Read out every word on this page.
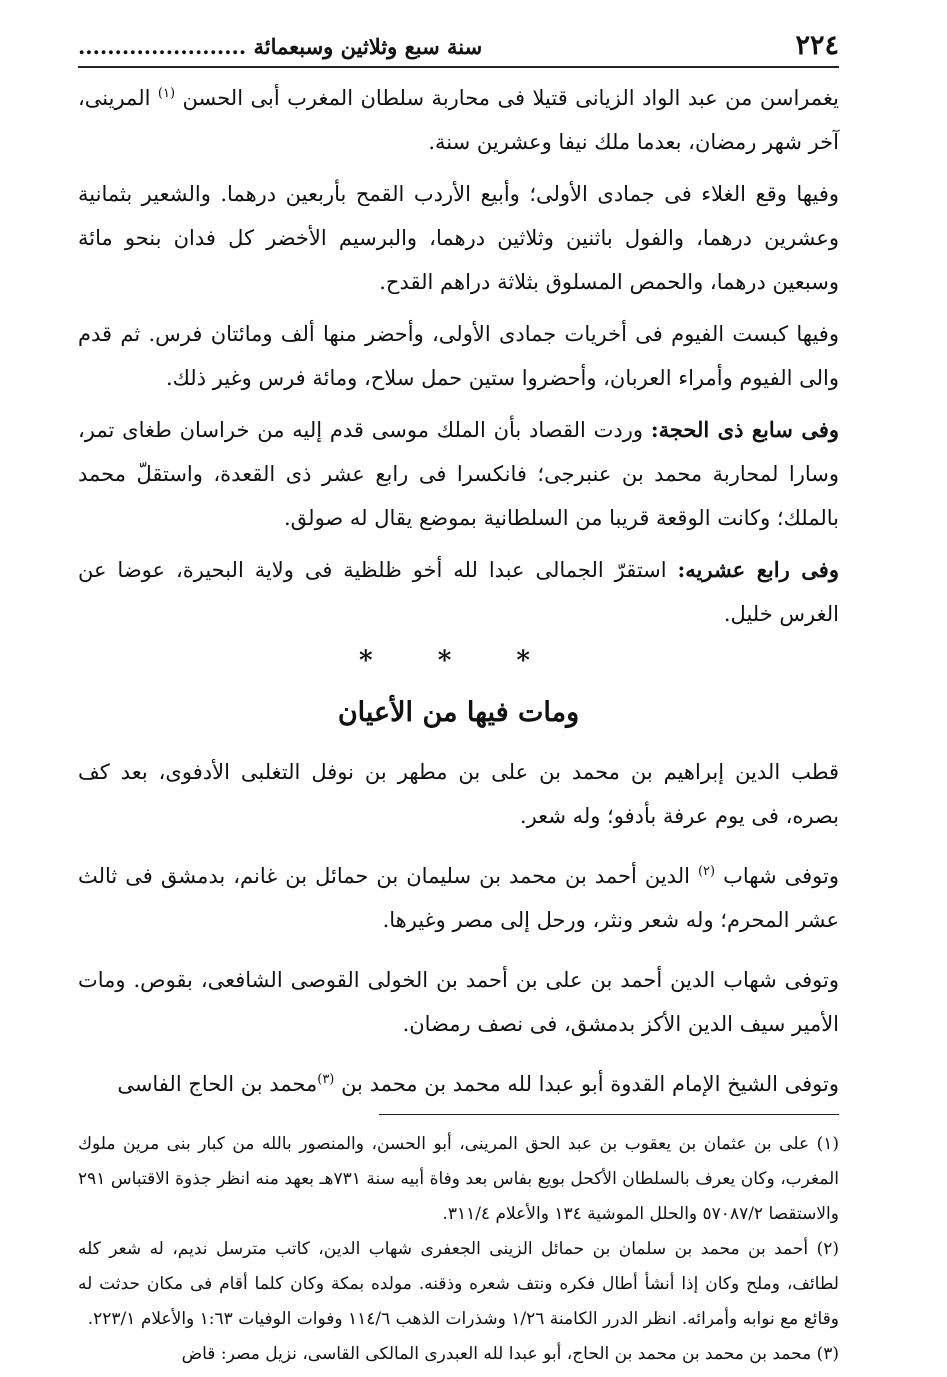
٢٢٤
سنة سبع وثلاثين وسبعمائة .......................

يغمراسن من عبد الواد الزيانى قتيلا فى محاربة سلطان المغرب أبى الحسن $^{(١)}$ المرينى، آخر شهر رمضان، بعدما ملك نيفا وعشرين سنة.

وفيها وقع الغلاء فى جمادى الأولى؛ وأبيع الأردب القمح بأربعين درهما. والشعير بثمانية وعشرين درهما، والفول باثنين وثلاثين درهما، والبرسيم الأخضر كل فدان بنحو مائة وسبعين درهما، والحمص المسلوق بثلاثة دراهم القدح.

وفيها كبست الفيوم فى أخريات جمادى الأولى، وأحضر منها ألف ومائتان فرس. ثم قدم والى الفيوم وأمراء العربان، وأحضروا ستين حمل سلاح، ومائة فرس وغير ذلك.

وفى سابع ذى الحجة: وردت القصاد بأن الملك موسى قدم إليه من خراسان طغاى تمر، وسارا لمحاربة محمد بن عنبرجى؛ فانكسرا فى رابع عشر ذى القعدة، واستقلّ محمد بالملك؛ وكانت الوقعة قريبا من السلطانية بموضع يقال له صولق.

وفى رابع عشريه: استقرّ الجمالى عبدا لله أخو ظلظية فى ولاية البحيرة، عوضا عن الغرس خليل.

* * *
ومات فيها من الأعيان

قطب الدين إبراهيم بن محمد بن على بن مطهر بن نوفل التغلبى الأدفوى، بعد كف بصره، فى يوم عرفة بأدفو؛ وله شعر.

وتوفى شهاب $^{(٢)}$ الدين أحمد بن محمد بن سليمان بن حمائل بن غانم، بدمشق فى ثالث عشر المحرم؛ وله شعر ونثر، ورحل إلى مصر وغيرها.

وتوفى شهاب الدين أحمد بن على بن أحمد بن الخولى القوصى الشافعى، بقوص. ومات الأمير سيف الدين الأكز بدمشق، فى نصف رمضان.

وتوفى الشيخ الإمام القدوة أبو عبدا لله محمد بن محمد بن $^{(٣)}$محمد بن الحاج الفاسى

(١) على بن عثمان بن يعقوب بن عبد الحق المرينى، أبو الحسن، والمنصور بالله من كبار بنى مرين ملوك المغرب، وكان يعرف بالسلطان الأكحل بويع بفاس بعد وفاة أبيه سنة ٧٣١هـ بعهد منه انظر جذوة الاقتباس ٢٩١ والاستقصا ٥٧٠٨٧/٢ والحلل الموشية ١٣٤ والأعلام ٣١١/٤.

(٢) أحمد بن محمد بن سلمان بن حمائل الزينى الجعفرى شهاب الدين، كاتب مترسل نديم، له شعر كله لطائف، وملح وكان إذا أنشأ أطال فكره ونتف شعره وذقنه. مولده بمكة وكان كلما أقام فى مكان حدثت له وقائع مع نوابه وأمرائه. انظر الدرر الكامنة ١/٢٦ وشذرات الذهب ١١٤/٦ وفوات الوفيات ١:٦٣ والأعلام ٢٢٣/١.

(٣) محمد بن محمد بن محمد بن الحاج، أبو عبدا لله العبدرى المالكى القاسى، نزيل مصر: قاض
